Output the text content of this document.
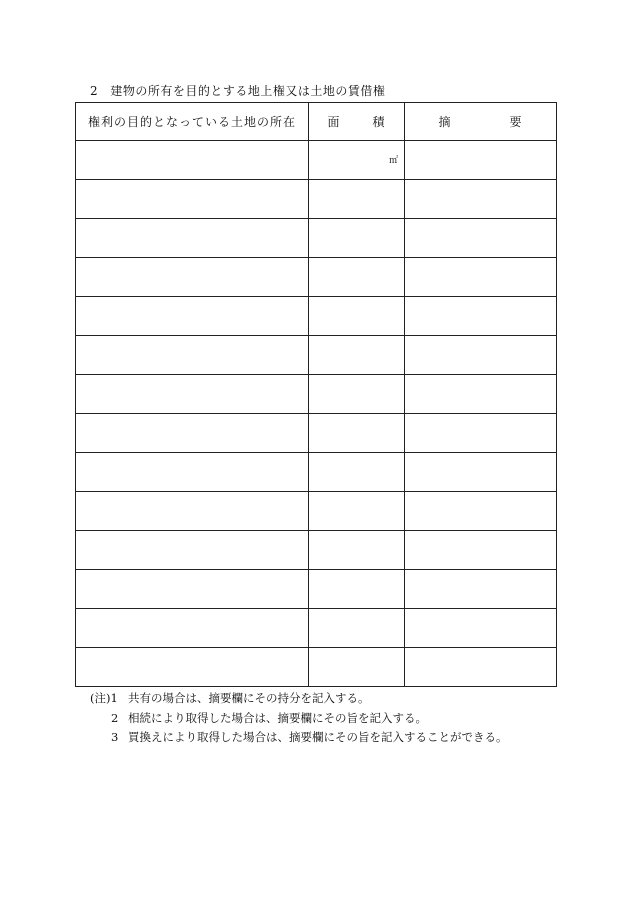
2 建物の所有を目的とする地上権又は土地の賃借権
権利の目的となっている土地の所在	面 積	摘 要

	㎡	

(注)1 共有の場合は、摘要欄にその持分を記入する。
2 相続により取得した場合は、摘要欄にその旨を記入する。
3 買換えにより取得した場合は、摘要欄にその旨を記入することができる。
